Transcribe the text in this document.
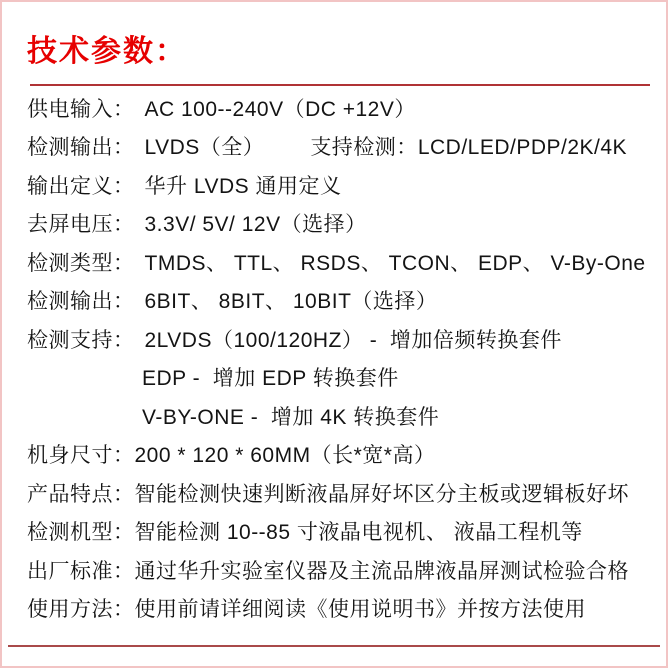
技术参数：
供电输入： AC 100--240V（DC +12V）
检测输出： LVDS（全） 支持检测： LCD/LED/PDP/2K/4K
输出定义： 华升 LVDS 通用定义
去屏电压： 3.3V/ 5V/ 12V（选择）
检测类型： TMDS、 TTL、 RSDS、 TCON、 EDP、 V-By-One
检测输出： 6BIT、 8BIT、 10BIT（选择）
检测支持： 2LVDS（100/120HZ） -  增加倍频转换套件
EDP -  增加 EDP 转换套件
V-BY-ONE -  增加 4K 转换套件
机身尺寸： 200 * 120 * 60MM（长*宽*高）
产品特点： 智能检测快速判断液晶屏好坏区分主板或逻辑板好坏
检测机型： 智能检测 10--85 寸液晶电视机、 液晶工程机等
出厂标准： 通过华升实验室仪器及主流品牌液晶屏测试检验合格
使用方法： 使用前请详细阅读《使用说明书》并按方法使用
